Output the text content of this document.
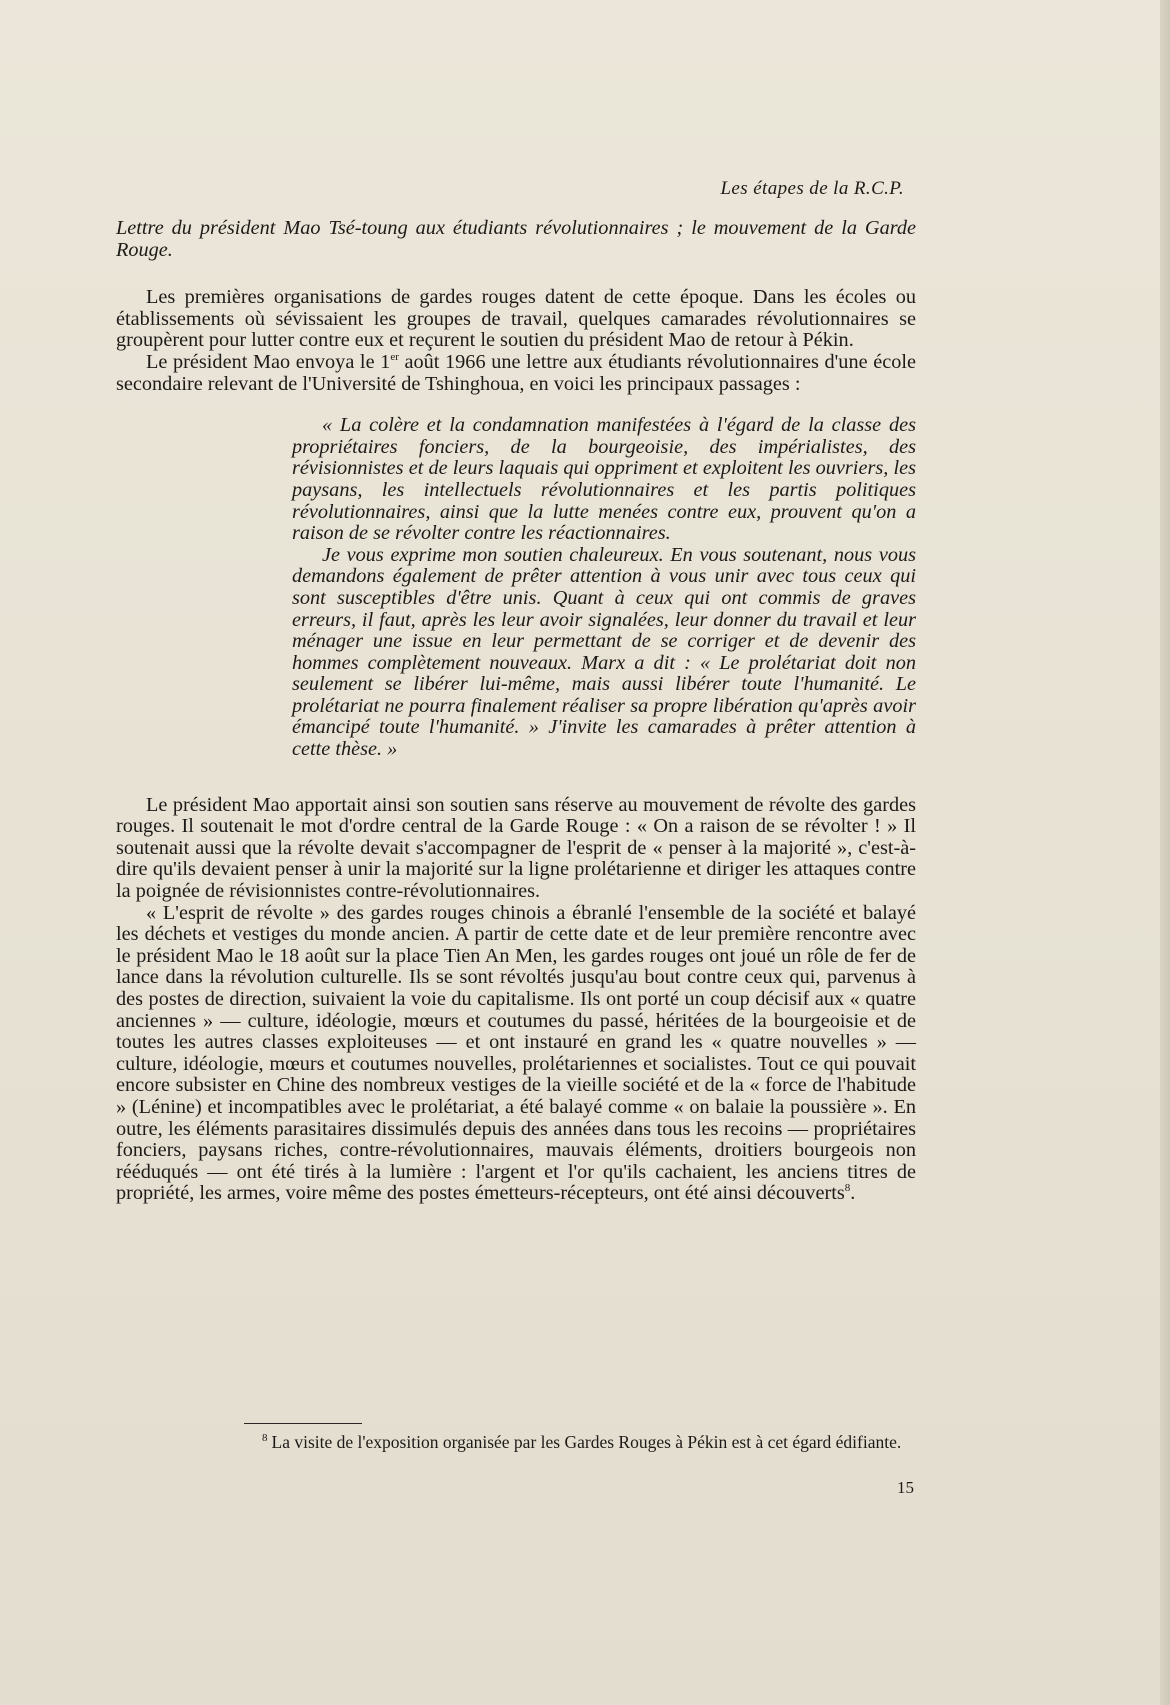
Les étapes de la R.C.P.

Lettre du président Mao Tsé-toung aux étudiants révolutionnaires ; le mouvement de la Garde Rouge.

Les premières organisations de gardes rouges datent de cette époque. Dans les écoles ou établissements où sévissaient les groupes de travail, quelques camarades révolutionnaires se groupèrent pour lutter contre eux et reçurent le soutien du président Mao de retour à Pékin.

Le président Mao envoya le 1er août 1966 une lettre aux étudiants révolutionnaires d'une école secondaire relevant de l'Université de Tshinghoua, en voici les principaux passages :

« La colère et la condamnation manifestées à l'égard de la classe des propriétaires fonciers, de la bourgeoisie, des impérialistes, des révisionnistes et de leurs laquais qui oppriment et exploitent les ouvriers, les paysans, les intellectuels révolutionnaires et les partis politiques révolutionnaires, ainsi que la lutte menées contre eux, prouvent qu'on a raison de se révolter contre les réactionnaires.

Je vous exprime mon soutien chaleureux. En vous soutenant, nous vous demandons également de prêter attention à vous unir avec tous ceux qui sont susceptibles d'être unis. Quant à ceux qui ont commis de graves erreurs, il faut, après les leur avoir signalées, leur donner du travail et leur ménager une issue en leur permettant de se corriger et de devenir des hommes complètement nouveaux. Marx a dit : « Le prolétariat doit non seulement se libérer lui-même, mais aussi libérer toute l'humanité. Le prolétariat ne pourra finalement réaliser sa propre libération qu'après avoir émancipé toute l'humanité. » J'invite les camarades à prêter attention à cette thèse. »

Le président Mao apportait ainsi son soutien sans réserve au mouvement de révolte des gardes rouges. Il soutenait le mot d'ordre central de la Garde Rouge : « On a raison de se révolter ! » Il soutenait aussi que la révolte devait s'accompagner de l'esprit de « penser à la majorité », c'est-à-dire qu'ils devaient penser à unir la majorité sur la ligne prolétarienne et diriger les attaques contre la poignée de révisionnistes contre-révolutionnaires.

« L'esprit de révolte » des gardes rouges chinois a ébranlé l'ensemble de la société et balayé les déchets et vestiges du monde ancien. A partir de cette date et de leur première rencontre avec le président Mao le 18 août sur la place Tien An Men, les gardes rouges ont joué un rôle de fer de lance dans la révolution culturelle. Ils se sont révoltés jusqu'au bout contre ceux qui, parvenus à des postes de direction, suivaient la voie du capitalisme. Ils ont porté un coup décisif aux « quatre anciennes » — culture, idéologie, mœurs et coutumes du passé, héritées de la bourgeoisie et de toutes les autres classes exploiteuses — et ont instauré en grand les « quatre nouvelles » — culture, idéologie, mœurs et coutumes nouvelles, prolétariennes et socialistes. Tout ce qui pouvait encore subsister en Chine des nombreux vestiges de la vieille société et de la « force de l'habitude » (Lénine) et incompatibles avec le prolétariat, a été balayé comme « on balaie la poussière ». En outre, les éléments parasitaires dissimulés depuis des années dans tous les recoins — propriétaires fonciers, paysans riches, contre-révolutionnaires, mauvais éléments, droitiers bourgeois non rééduqués — ont été tirés à la lumière : l'argent et l'or qu'ils cachaient, les anciens titres de propriété, les armes, voire même des postes émetteurs-récepteurs, ont été ainsi découverts$^8$.

$^8$ La visite de l'exposition organisée par les Gardes Rouges à Pékin est à cet égard édifiante.
15
